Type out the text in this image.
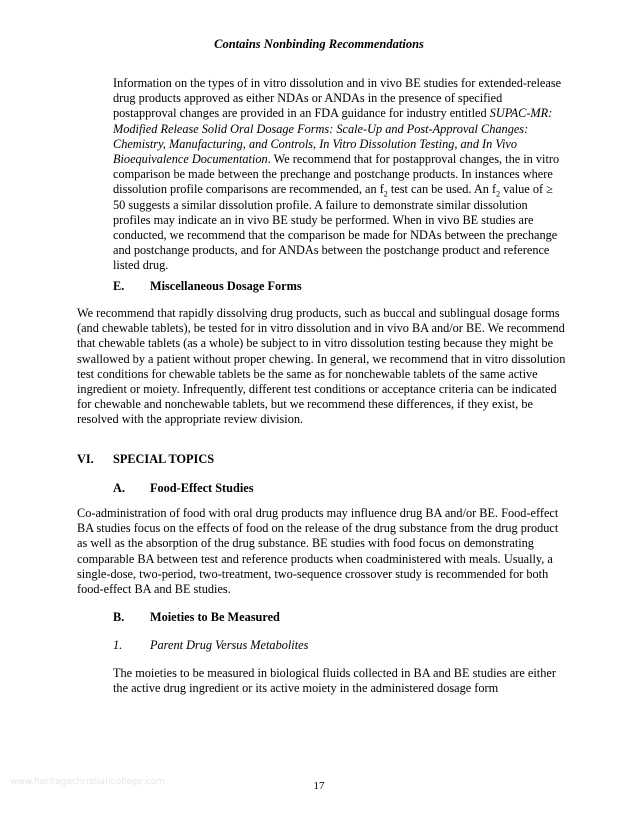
Contains Nonbinding Recommendations

Information on the types of in vitro dissolution and in vivo BE studies for extended-release drug products approved as either NDAs or ANDAs in the presence of specified postapproval changes are provided in an FDA guidance for industry entitled SUPAC-MR: Modified Release Solid Oral Dosage Forms: Scale-Up and Post-Approval Changes: Chemistry, Manufacturing, and Controls, In Vitro Dissolution Testing, and In Vivo Bioequivalence Documentation. We recommend that for postapproval changes, the in vitro comparison be made between the prechange and postchange products. In instances where dissolution profile comparisons are recommended, an $f_2$ test can be used. An $f_2$ value of ≥ 50 suggests a similar dissolution profile. A failure to demonstrate similar dissolution profiles may indicate an in vivo BE study be performed. When in vivo BE studies are conducted, we recommend that the comparison be made for NDAs between the prechange and postchange products, and for ANDAs between the postchange product and reference listed drug.

E. Miscellaneous Dosage Forms

We recommend that rapidly dissolving drug products, such as buccal and sublingual dosage forms (and chewable tablets), be tested for in vitro dissolution and in vivo BA and/or BE. We recommend that chewable tablets (as a whole) be subject to in vitro dissolution testing because they might be swallowed by a patient without proper chewing. In general, we recommend that in vitro dissolution test conditions for chewable tablets be the same as for nonchewable tablets of the same active ingredient or moiety. Infrequently, different test conditions or acceptance criteria can be indicated for chewable and nonchewable tablets, but we recommend these differences, if they exist, be resolved with the appropriate review division.

VI. SPECIAL TOPICS
A. Food-Effect Studies

Co-administration of food with oral drug products may influence drug BA and/or BE. Food-effect BA studies focus on the effects of food on the release of the drug substance from the drug product as well as the absorption of the drug substance. BE studies with food focus on demonstrating comparable BA between test and reference products when coadministered with meals. Usually, a single-dose, two-period, two-treatment, two-sequence crossover study is recommended for both food-effect BA and BE studies.

B. Moieties to Be Measured
1. Parent Drug Versus Metabolites

The moieties to be measured in biological fluids collected in BA and BE studies are either the active drug ingredient or its active moiety in the administered dosage form

www.heritagechristiancollege.com	17
